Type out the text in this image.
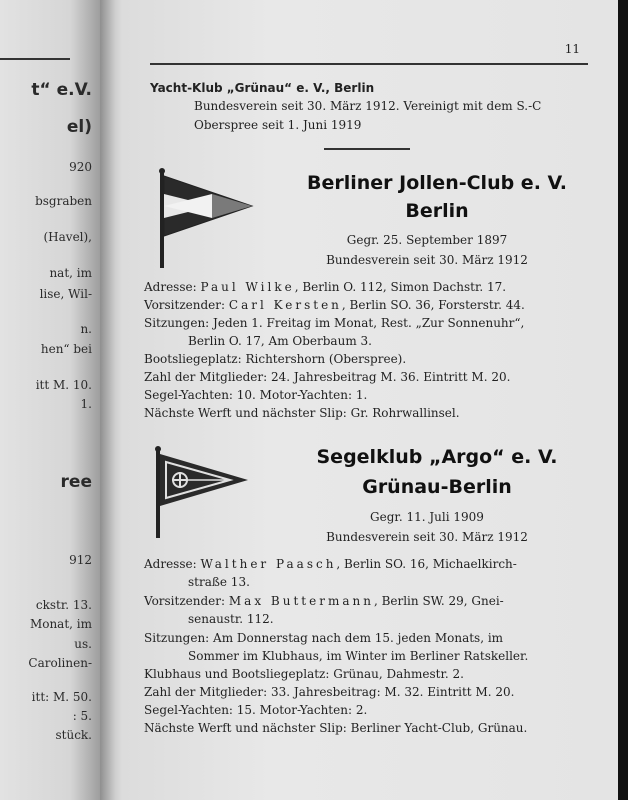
t“ e.V.
el)
920
bsgraben
(Havel),
nat, im
lise, Wil-
n.
hen“ bei
itt M. 10.
1.
ree
912
ckstr. 13.
Monat, im
us.
Carolinen-
itt: M. 50.
: 5.
stück.
11
Yacht-Klub „Grünau“ e. V., Berlin
Bundesverein seit 30. März 1912. Vereinigt mit dem S.-C
Oberspree seit 1. Juni 1919
Berliner Jollen-Club e. V.
Berlin
Gegr. 25. September 1897
Bundesverein seit 30. März 1912
Adresse: Paul Wilke, Berlin O. 112, Simon Dachstr. 17.
Vorsitzender: Carl Kersten, Berlin SO. 36, Forsterstr. 44.
Sitzungen: Jeden 1. Freitag im Monat, Rest. „Zur Sonnenuhr“,
Berlin O. 17, Am Oberbaum 3.
Bootsliegeplatz: Richtershorn (Oberspree).
Zahl der Mitglieder: 24. Jahresbeitrag M. 36. Eintritt M. 20.
Segel-Yachten: 10. Motor-Yachten: 1.
Nächste Werft und nächster Slip: Gr. Rohrwallinsel.
Segelklub „Argo“ e. V.
Grünau-Berlin
Gegr. 11. Juli 1909
Bundesverein seit 30. März 1912
Adresse: Walther Paasch, Berlin SO. 16, Michaelkirch-
straße 13.
Vorsitzender: Max Buttermann, Berlin SW. 29, Gnei-
senaustr. 112.
Sitzungen: Am Donnerstag nach dem 15. jeden Monats, im
Sommer im Klubhaus, im Winter im Berliner Ratskeller.
Klubhaus und Bootsliegeplatz: Grünau, Dahmestr. 2.
Zahl der Mitglieder: 33. Jahresbeitrag: M. 32. Eintritt M. 20.
Segel-Yachten: 15. Motor-Yachten: 2.
Nächste Werft und nächster Slip: Berliner Yacht-Club, Grünau.
